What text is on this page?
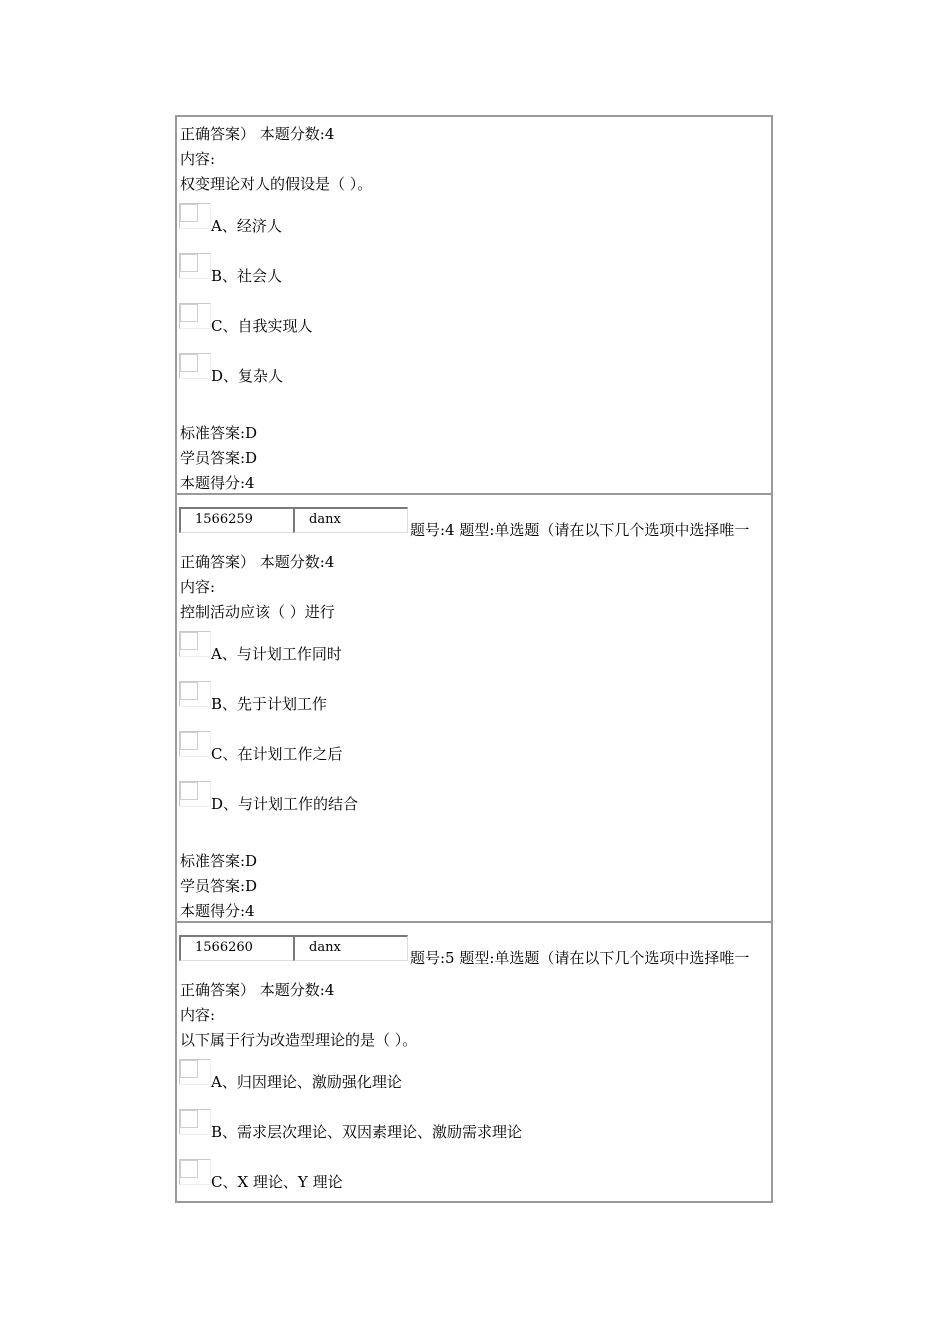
正确答案） 本题分数:4
内容:
权变理论对人的假设是（ ）。
A、经济人
B、社会人
C、自我实现人
D、复杂人
标准答案:D
学员答案:D
本题得分:4
1566259	danx
题号:4 题型:单选题（请在以下几个选项中选择唯一
正确答案） 本题分数:4
内容:
控制活动应该（ ）进行
A、与计划工作同时
B、先于计划工作
C、在计划工作之后
D、与计划工作的结合
标准答案:D
学员答案:D
本题得分:4
1566260	danx
题号:5 题型:单选题（请在以下几个选项中选择唯一
正确答案） 本题分数:4
内容:
以下属于行为改造型理论的是（ ）。
A、归因理论、激励强化理论
B、需求层次理论、双因素理论、激励需求理论
C、X 理论、Y 理论
